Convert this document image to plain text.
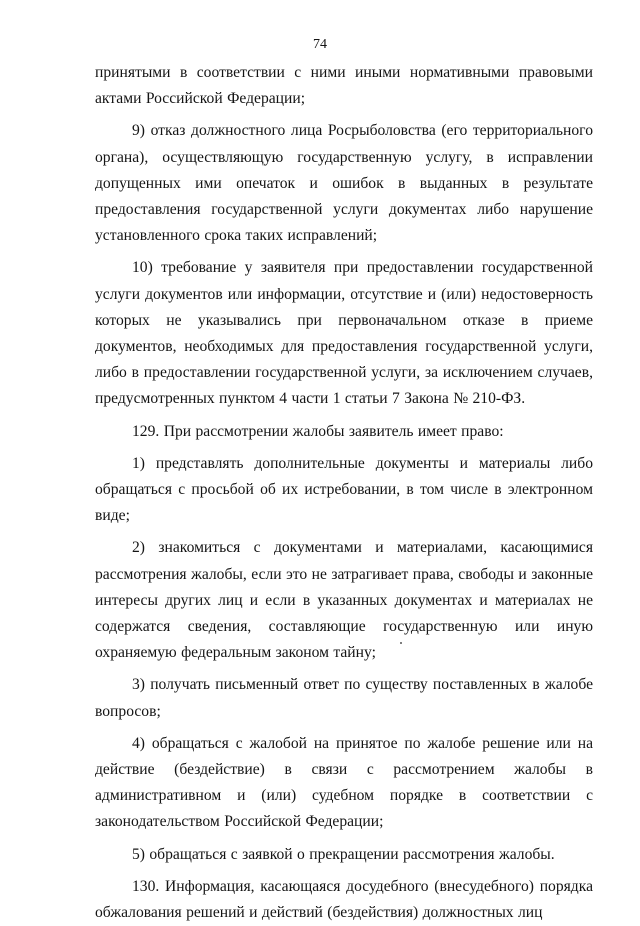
74

принятыми в соответствии с ними иными нормативными правовыми актами Российской Федерации;

9) отказ должностного лица Росрыболовства (его территориального органа), осуществляющую государственную услугу, в исправлении допущенных ими опечаток и ошибок в выданных в результате предоставления государственной услуги документах либо нарушение установленного срока таких исправлений;

10) требование у заявителя при предоставлении государственной услуги документов или информации, отсутствие и (или) недостоверность которых не указывались при первоначальном отказе в приеме документов, необходимых для предоставления государственной услуги, либо в предоставлении государственной услуги, за исключением случаев, предусмотренных пунктом 4 части 1 статьи 7 Закона № 210-ФЗ.

129. При рассмотрении жалобы заявитель имеет право:

1) представлять дополнительные документы и материалы либо обращаться с просьбой об их истребовании, в том числе в электронном виде;

2) знакомиться с документами и материалами, касающимися рассмотрения жалобы, если это не затрагивает права, свободы и законные интересы других лиц и если в указанных документах и материалах не содержатся сведения, составляющие государственную или иную охраняемую федеральным законом тайну;

3) получать письменный ответ по существу поставленных в жалобе вопросов;

4) обращаться с жалобой на принятое по жалобе решение или на действие (бездействие) в связи с рассмотрением жалобы в административном и (или) судебном порядке в соответствии с законодательством Российской Федерации;

5) обращаться с заявкой о прекращении рассмотрения жалобы.

130. Информация, касающаяся досудебного (внесудебного) порядка обжалования решений и действий (бездействия) должностных лиц
